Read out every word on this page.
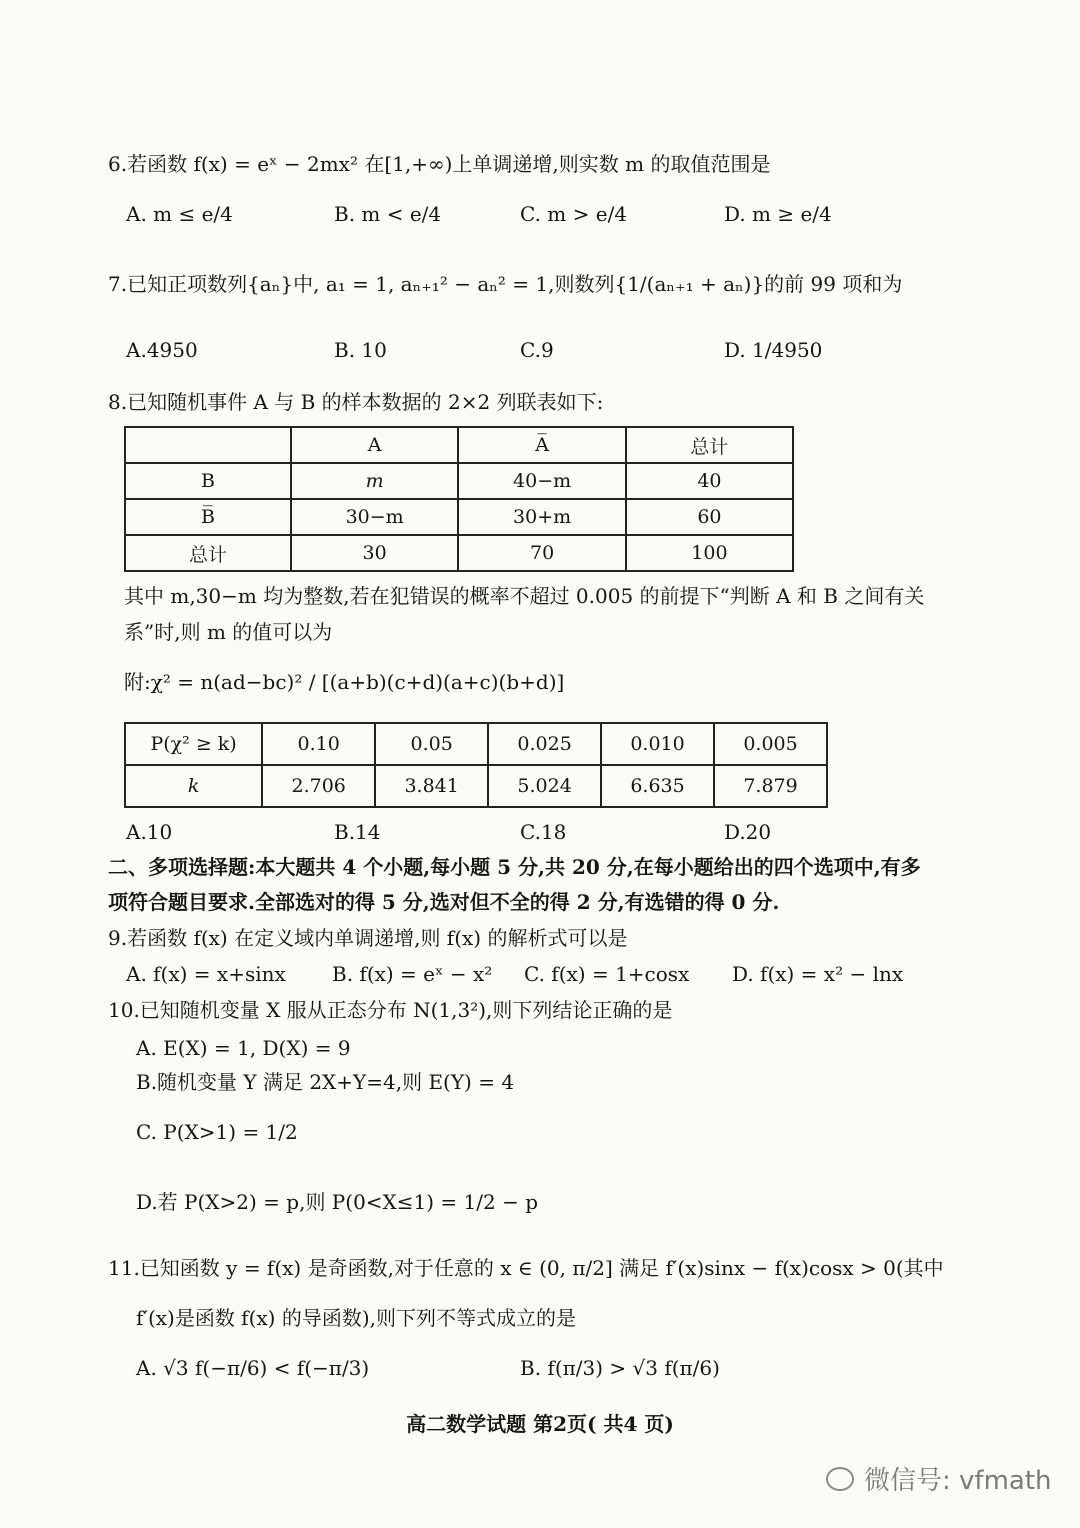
6.若函数 f(x) = eˣ − 2mx² 在[1,+∞)上单调递增,则实数 m 的取值范围是
A. m ≤ e/4	B. m < e/4	C. m > e/4	D. m ≥ e/4
7.已知正项数列{aₙ}中, a₁ = 1, aₙ₊₁² − aₙ² = 1,则数列{1/(aₙ₊₁ + aₙ)}的前 99 项和为
A.4950	B. 10	C.9	D. 1/4950
8.已知随机事件 A 与 B 的样本数据的 2×2 列联表如下:
	A	A̅	总计
B	m	40−m	40
B̅	30−m	30+m	60
总计	30	70	100
其中 m,30−m 均为整数,若在犯错误的概率不超过 0.005 的前提下“判断 A 和 B 之间有关
系”时,则 m 的值可以为
附:χ² = n(ad−bc)² / [(a+b)(c+d)(a+c)(b+d)]
P(χ² ≥ k)	0.10	0.05	0.025	0.010	0.005
k	2.706	3.841	5.024	6.635	7.879
A.10	B.14	C.18	D.20
二、多项选择题:本大题共 4 个小题,每小题 5 分,共 20 分,在每小题给出的四个选项中,有多
项符合题目要求.全部选对的得 5 分,选对但不全的得 2 分,有选错的得 0 分.
9.若函数 f(x) 在定义域内单调递增,则 f(x) 的解析式可以是
A. f(x) = x+sinx B. f(x) = eˣ − x² C. f(x) = 1+cosx D. f(x) = x² − lnx
10.已知随机变量 X 服从正态分布 N(1,3²),则下列结论正确的是
A. E(X) = 1, D(X) = 9
B.随机变量 Y 满足 2X+Y=4,则 E(Y) = 4
C. P(X>1) = 1/2
D.若 P(X>2) = p,则 P(0<X≤1) = 1/2 − p
11.已知函数 y = f(x) 是奇函数,对于任意的 x ∈ (0, π/2] 满足 f′(x)sinx − f(x)cosx > 0(其中
f′(x)是函数 f(x) 的导函数),则下列不等式成立的是
A. √3 f(−π/6) < f(−π/3)	B. f(π/3) > √3 f(π/6)
高二数学试题 第2页( 共4 页)
微信号: vfmath
